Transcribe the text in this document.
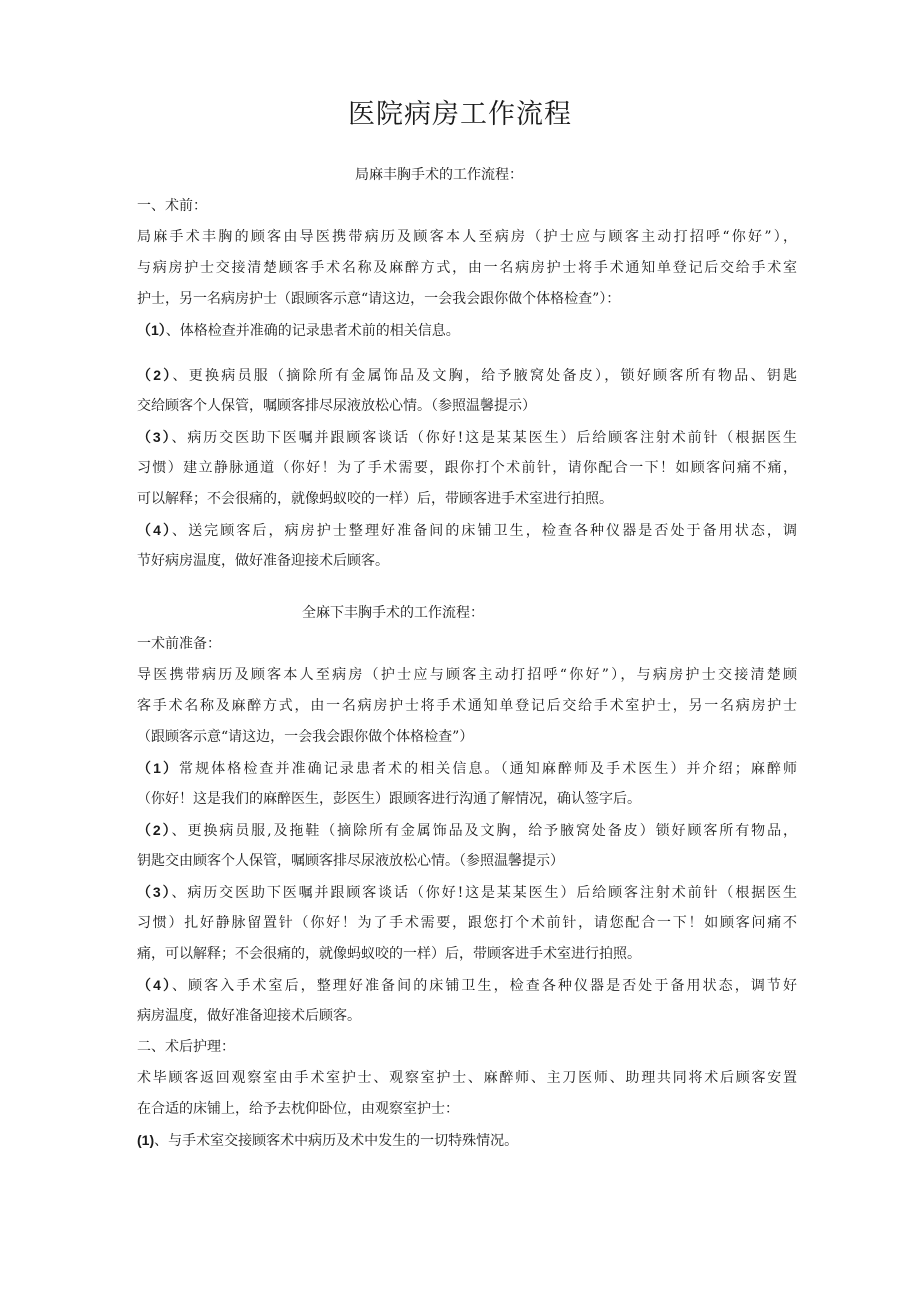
医院病房工作流程
局麻丰胸手术的工作流程：
一、术前：
局麻手术丰胸的顾客由导医携带病历及顾客本人至病房（护士应与顾客主动打招呼“你好”），
与病房护士交接清楚顾客手术名称及麻醉方式，由一名病房护士将手术通知单登记后交给手术室
护士，另一名病房护士（跟顾客示意“请这边，一会我会跟你做个体格检查”）：
（1）、体格检查并准确的记录患者术前的相关信息。
（2）、更换病员服（摘除所有金属饰品及文胸，给予腋窝处备皮），锁好顾客所有物品、钥匙
交给顾客个人保管，嘱顾客排尽尿液放松心情。（参照温馨提示）
（3）、病历交医助下医嘱并跟顾客谈话（你好!这是某某医生）后给顾客注射术前针（根据医生
习惯）建立静脉通道（你好！为了手术需要，跟你打个术前针，请你配合一下！如顾客问痛不痛，
可以解释；不会很痛的，就像蚂蚁咬的一样）后，带顾客进手术室进行拍照。
（4）、送完顾客后，病房护士整理好准备间的床铺卫生，检查各种仪器是否处于备用状态，调
节好病房温度，做好准备迎接术后顾客。
全麻下丰胸手术的工作流程：
一术前准备：
导医携带病历及顾客本人至病房（护士应与顾客主动打招呼“你好”），与病房护士交接清楚顾
客手术名称及麻醉方式，由一名病房护士将手术通知单登记后交给手术室护士，另一名病房护士
（跟顾客示意“请这边，一会我会跟你做个体格检查”）
（1）常规体格检查并准确记录患者术的相关信息。（通知麻醉师及手术医生）并介绍；麻醉师
（你好！这是我们的麻醉医生，彭医生）跟顾客进行沟通了解情况，确认签字后。
（2）、更换病员服,及拖鞋（摘除所有金属饰品及文胸，给予腋窝处备皮）锁好顾客所有物品，
钥匙交由顾客个人保管，嘱顾客排尽尿液放松心情。（参照温馨提示）
（3）、病历交医助下医嘱并跟顾客谈话（你好!这是某某医生）后给顾客注射术前针（根据医生
习惯）扎好静脉留置针（你好！为了手术需要，跟您打个术前针，请您配合一下！如顾客问痛不
痛，可以解释；不会很痛的，就像蚂蚁咬的一样）后，带顾客进手术室进行拍照。
（4）、顾客入手术室后，整理好准备间的床铺卫生，检查各种仪器是否处于备用状态，调节好
病房温度，做好准备迎接术后顾客。
二、术后护理：
术毕顾客返回观察室由手术室护士、观察室护士、麻醉师、主刀医师、助理共同将术后顾客安置
在合适的床铺上，给予去枕仰卧位，由观察室护士：
(1)、与手术室交接顾客术中病历及术中发生的一切特殊情况。
